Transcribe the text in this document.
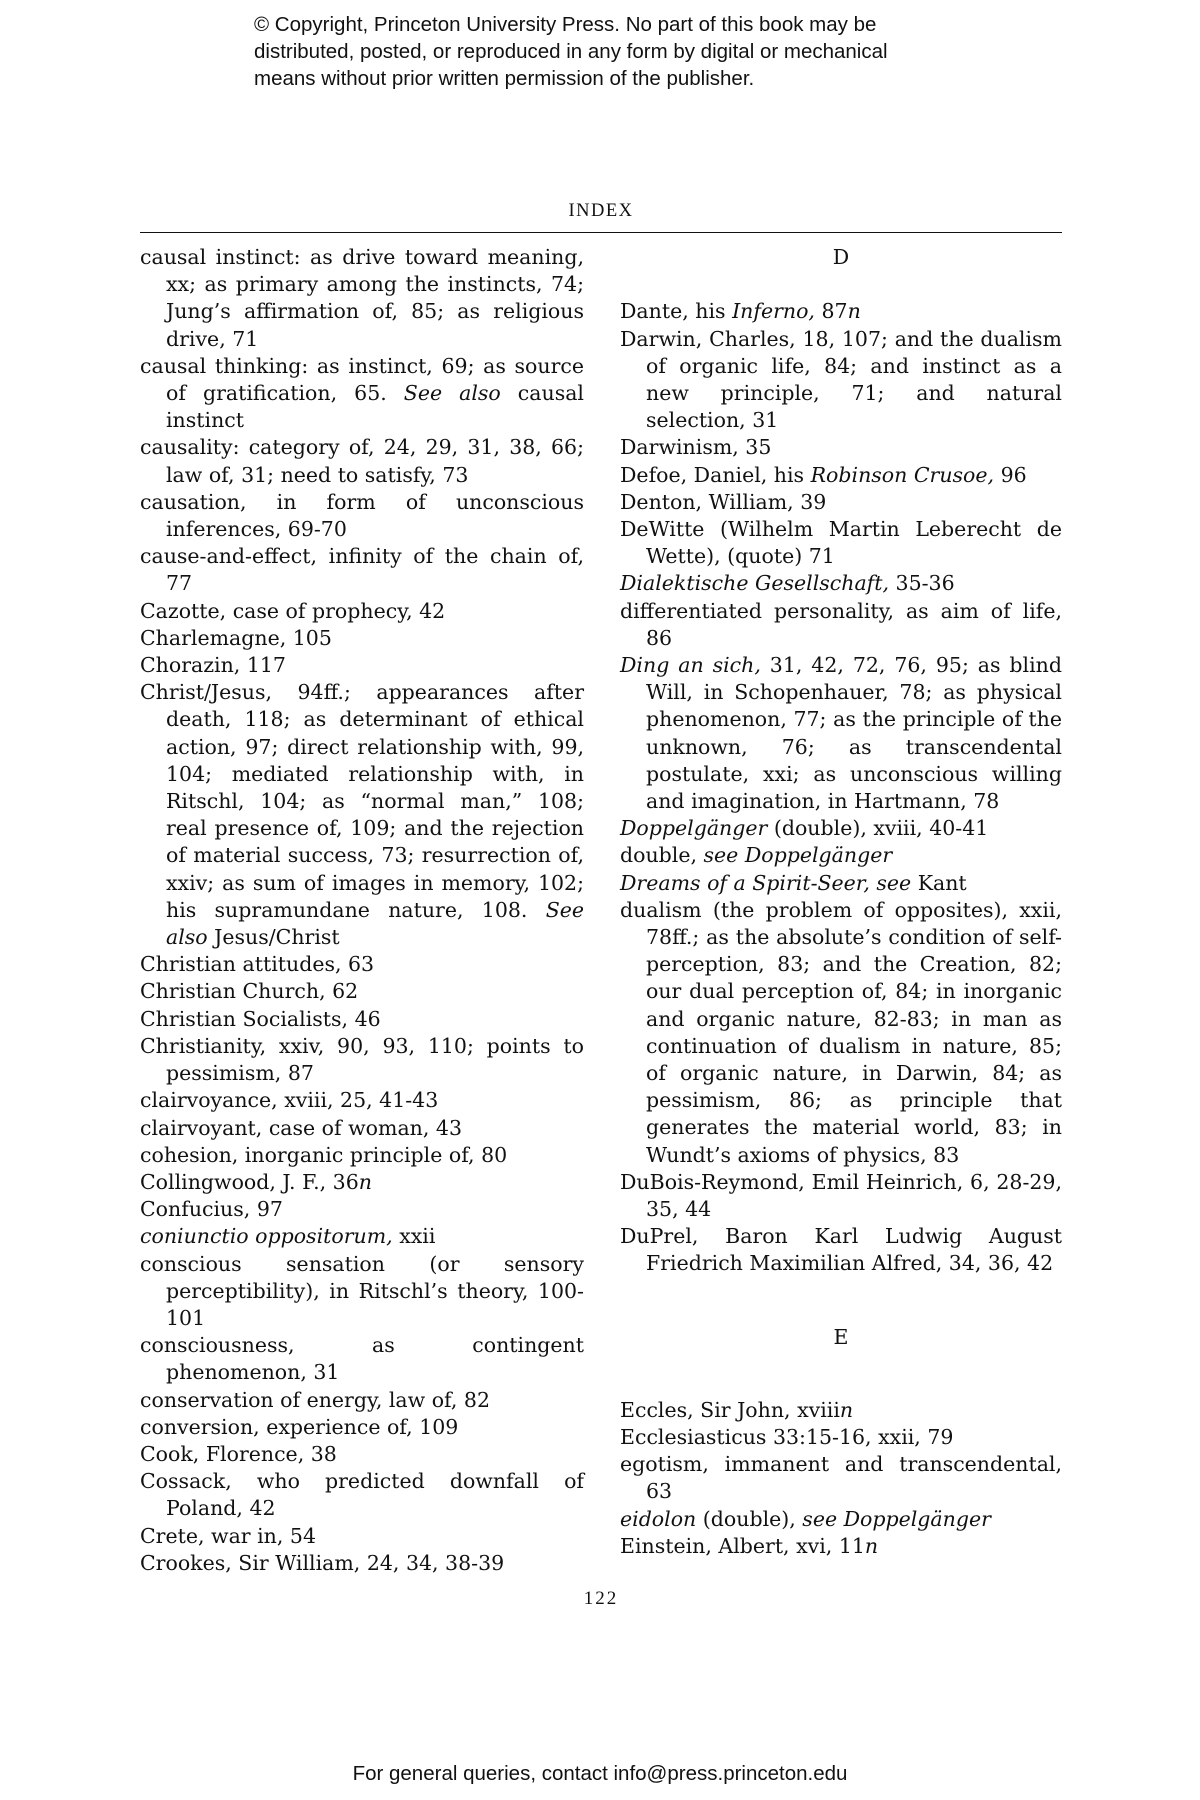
© Copyright, Princeton University Press. No part of this book may be
distributed, posted, or reproduced in any form by digital or mechanical
means without prior written permission of the publisher.
INDEX
causal instinct: as drive toward meaning, xx; as primary among the instincts, 74; Jung’s affirmation of, 85; as religious drive, 71
causal thinking: as instinct, 69; as source of gratification, 65. See also causal instinct
causality: category of, 24, 29, 31, 38, 66; law of, 31; need to satisfy, 73
causation, in form of unconscious inferences, 69-70
cause-and-effect, infinity of the chain of, 77
Cazotte, case of prophecy, 42
Charlemagne, 105
Chorazin, 117
Christ/Jesus, 94ff.; appearances after death, 118; as determinant of ethical action, 97; direct relationship with, 99, 104; mediated relationship with, in Ritschl, 104; as “normal man,” 108; real presence of, 109; and the rejection of material success, 73; resurrection of, xxiv; as sum of images in memory, 102; his supramundane nature, 108. See also Jesus/Christ
Christian attitudes, 63
Christian Church, 62
Christian Socialists, 46
Christianity, xxiv, 90, 93, 110; points to pessimism, 87
clairvoyance, xviii, 25, 41-43
clairvoyant, case of woman, 43
cohesion, inorganic principle of, 80
Collingwood, J. F., 36n
Confucius, 97
coniunctio oppositorum, xxii
conscious sensation (or sensory perceptibility), in Ritschl’s theory, 100-101
consciousness, as contingent phenomenon, 31
conservation of energy, law of, 82
conversion, experience of, 109
Cook, Florence, 38
Cossack, who predicted downfall of Poland, 42
Crete, war in, 54
Crookes, Sir William, 24, 34, 38-39
D
Dante, his Inferno, 87n
Darwin, Charles, 18, 107; and the dualism of organic life, 84; and instinct as a new principle, 71; and natural selection, 31
Darwinism, 35
Defoe, Daniel, his Robinson Crusoe, 96
Denton, William, 39
DeWitte (Wilhelm Martin Leberecht de Wette), (quote) 71
Dialektische Gesellschaft, 35-36
differentiated personality, as aim of life, 86
Ding an sich, 31, 42, 72, 76, 95; as blind Will, in Schopenhauer, 78; as physical phenomenon, 77; as the principle of the unknown, 76; as transcendental postulate, xxi; as unconscious willing and imagination, in Hartmann, 78
Doppelgänger (double), xviii, 40-41
double, see Doppelgänger
Dreams of a Spirit-Seer, see Kant
dualism (the problem of opposites), xxii, 78ff.; as the absolute’s condition of self-perception, 83; and the Creation, 82; our dual perception of, 84; in inorganic and organic nature, 82-83; in man as continuation of dualism in nature, 85; of organic nature, in Darwin, 84; as pessimism, 86; as principle that generates the material world, 83; in Wundt’s axioms of physics, 83
DuBois-Reymond, Emil Heinrich, 6, 28-29, 35, 44
DuPrel, Baron Karl Ludwig August Friedrich Maximilian Alfred, 34, 36, 42
E
Eccles, Sir John, xviiin
Ecclesiasticus 33:15-16, xxii, 79
egotism, immanent and transcendental, 63
eidolon (double), see Doppelgänger
Einstein, Albert, xvi, 11n
122
For general queries, contact info@press.princeton.edu
